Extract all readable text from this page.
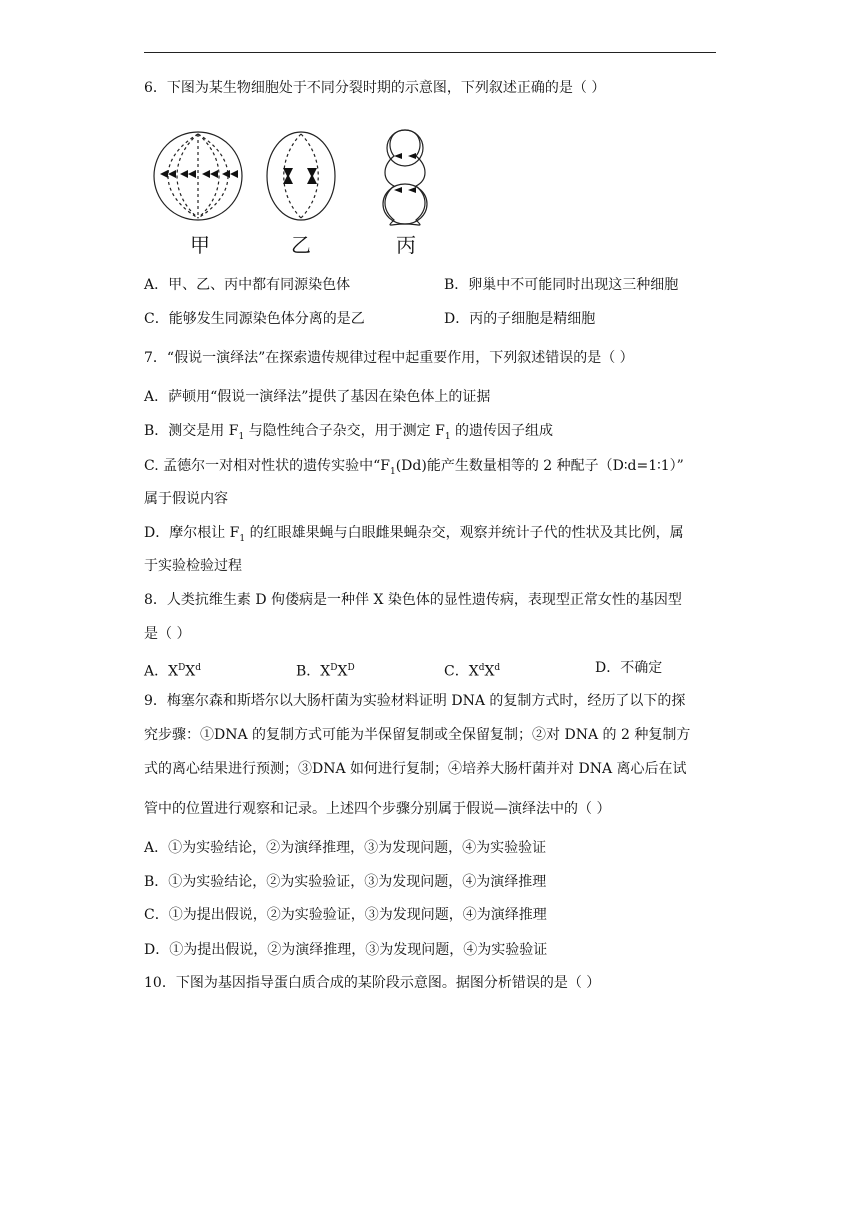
6．下图为某生物细胞处于不同分裂时期的示意图，下列叙述正确的是（ ）
甲	乙	丙
A．甲、乙、丙中都有同源染色体	B．卵巢中不可能同时出现这三种细胞
C．能够发生同源染色体分离的是乙	D．丙的子细胞是精细胞
7．“假说一演绎法”在探索遗传规律过程中起重要作用，下列叙述错误的是（ ）
A．萨顿用“假说一演绎法”提供了基因在染色体上的证据
B．测交是用 $F_1$ 与隐性纯合子杂交，用于测定 $F_1$ 的遗传因子组成
C. 孟德尔一对相对性状的遗传实验中“$F_1(Dd)$能产生数量相等的 2 种配子（D∶d=1∶1）”
属于假说内容
D．摩尔根让 $F_1$ 的红眼雄果蝇与白眼雌果蝇杂交，观察并统计子代的性状及其比例，属
于实验检验过程
8．人类抗维生素 D 佝偻病是一种伴 X 染色体的显性遗传病，表现型正常女性的基因型
是（ ）
A．$X^DX^d$	B．$X^DX^D$	C．$X^dX^d$	D．不确定
9．梅塞尔森和斯塔尔以大肠杆菌为实验材料证明 DNA 的复制方式时，经历了以下的探
究步骤：①DNA 的复制方式可能为半保留复制或全保留复制；②对 DNA 的 2 种复制方
式的离心结果进行预测；③DNA 如何进行复制；④培养大肠杆菌并对 DNA 离心后在试
管中的位置进行观察和记录。上述四个步骤分别属于假说—演绎法中的（ ）
A．①为实验结论，②为演绎推理，③为发现问题，④为实验验证
B．①为实验结论，②为实验验证，③为发现问题，④为演绎推理
C．①为提出假说，②为实验验证，③为发现问题，④为演绎推理
D．①为提出假说，②为演绎推理，③为发现问题，④为实验验证
10．下图为基因指导蛋白质合成的某阶段示意图。据图分析错误的是（ ）
